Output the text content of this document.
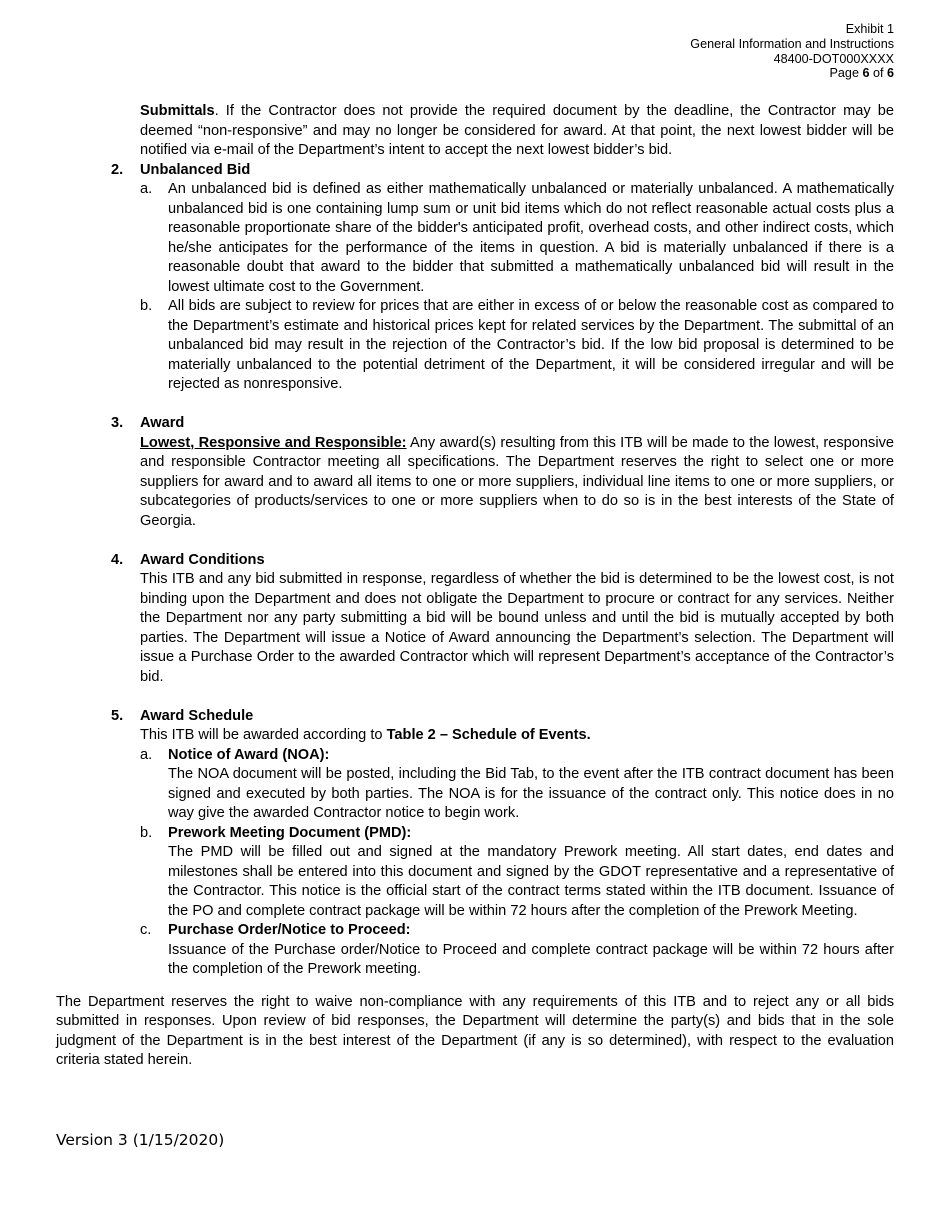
Exhibit 1
General Information and Instructions
48400-DOT000XXXX
Page 6 of 6

Submittals. If the Contractor does not provide the required document by the deadline, the Contractor may be deemed “non-responsive” and may no longer be considered for award. At that point, the next lowest bidder will be notified via e-mail of the Department’s intent to accept the next lowest bidder’s bid.

2. Unbalanced Bid
a. An unbalanced bid is defined as either mathematically unbalanced or materially unbalanced. A mathematically unbalanced bid is one containing lump sum or unit bid items which do not reflect reasonable actual costs plus a reasonable proportionate share of the bidder's anticipated profit, overhead costs, and other indirect costs, which he/she anticipates for the performance of the items in question. A bid is materially unbalanced if there is a reasonable doubt that award to the bidder that submitted a mathematically unbalanced bid will result in the lowest ultimate cost to the Government.

b. All bids are subject to review for prices that are either in excess of or below the reasonable cost as compared to the Department’s estimate and historical prices kept for related services by the Department. The submittal of an unbalanced bid may result in the rejection of the Contractor’s bid. If the low bid proposal is determined to be materially unbalanced to the potential detriment of the Department, it will be considered irregular and will be rejected as nonresponsive.

3. Award

Lowest, Responsive and Responsible: Any award(s) resulting from this ITB will be made to the lowest, responsive and responsible Contractor meeting all specifications. The Department reserves the right to select one or more suppliers for award and to award all items to one or more suppliers, individual line items to one or more suppliers, or subcategories of products/services to one or more suppliers when to do so is in the best interests of the State of Georgia.

4. Award Conditions

This ITB and any bid submitted in response, regardless of whether the bid is determined to be the lowest cost, is not binding upon the Department and does not obligate the Department to procure or contract for any services. Neither the Department nor any party submitting a bid will be bound unless and until the bid is mutually accepted by both parties. The Department will issue a Notice of Award announcing the Department’s selection. The Department will issue a Purchase Order to the awarded Contractor which will represent Department’s acceptance of the Contractor’s bid.

5. Award Schedule

This ITB will be awarded according to Table 2 – Schedule of Events.

a. Notice of Award (NOA):

The NOA document will be posted, including the Bid Tab, to the event after the ITB contract document has been signed and executed by both parties. The NOA is for the issuance of the contract only. This notice does in no way give the awarded Contractor notice to begin work.

b. Prework Meeting Document (PMD):

The PMD will be filled out and signed at the mandatory Prework meeting. All start dates, end dates and milestones shall be entered into this document and signed by the GDOT representative and a representative of the Contractor. This notice is the official start of the contract terms stated within the ITB document. Issuance of the PO and complete contract package will be within 72 hours after the completion of the Prework Meeting.

c. Purchase Order/Notice to Proceed:

Issuance of the Purchase order/Notice to Proceed and complete contract package will be within 72 hours after the completion of the Prework meeting.

The Department reserves the right to waive non-compliance with any requirements of this ITB and to reject any or all bids submitted in responses. Upon review of bid responses, the Department will determine the party(s) and bids that in the sole judgment of the Department is in the best interest of the Department (if any is so determined), with respect to the evaluation criteria stated herein.

Version 3 (1/15/2020)
